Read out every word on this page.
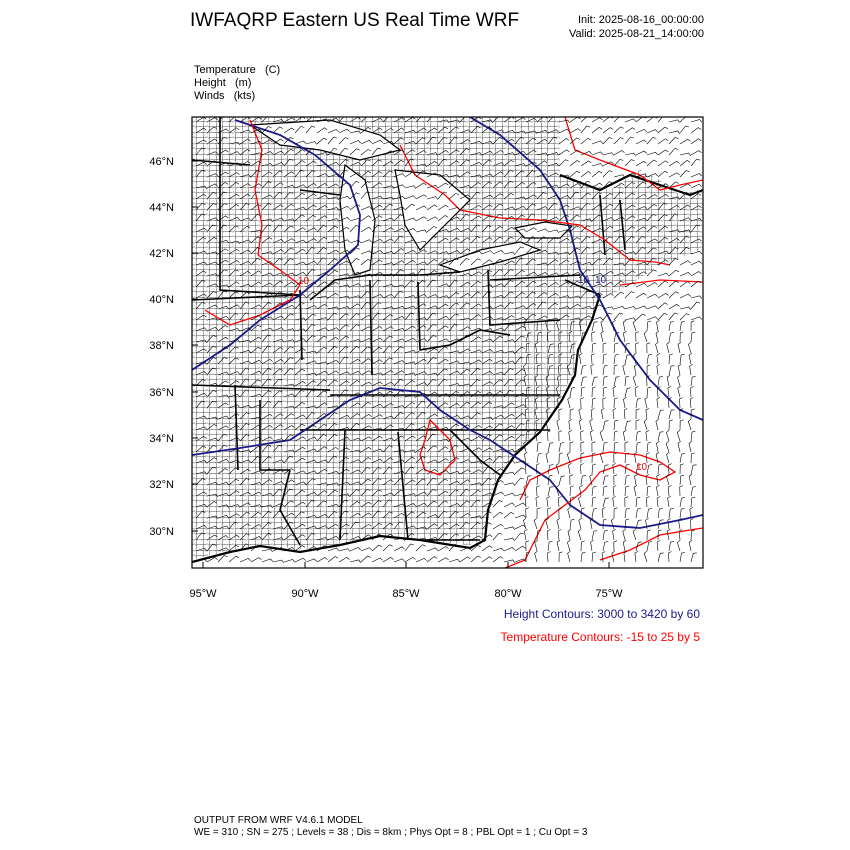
IWFAQRP Eastern US Real Time WRF	Init: 2025-08-16_00:00:00
Valid: 2025-08-21_14:00:00
Temperature (C)
Height (m)
Winds (kts)
10
10
10 10
46°N
44°N
42°N
40°N
38°N
36°N
34°N
32°N
30°N
95°W	90°W	85°W	80°W	75°W
Height Contours: 3000 to 3420 by 60
Temperature Contours: -15 to 25 by 5
OUTPUT FROM WRF V4.6.1 MODEL
WE = 310 ; SN = 275 ; Levels = 38 ; Dis = 8km ; Phys Opt = 8 ; PBL Opt = 1 ; Cu Opt = 3
